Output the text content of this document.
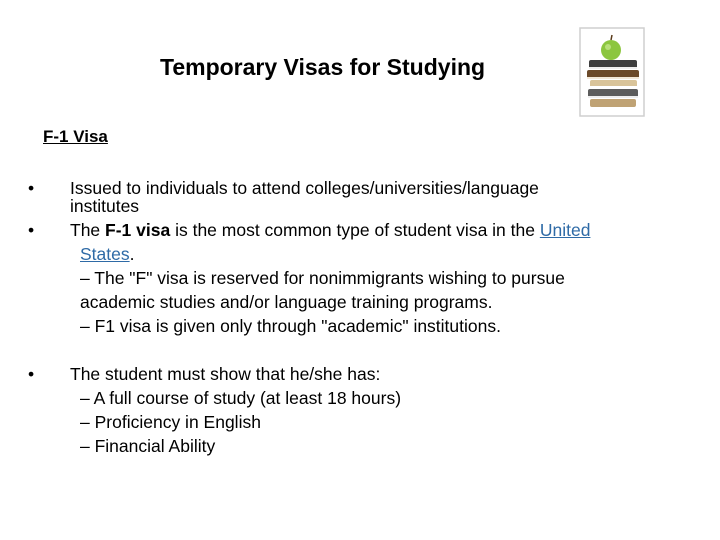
Temporary Visas for Studying
F-1 Visa
• Issued to individuals to attend colleges/universities/language
institutes
• The F-1 visa is the most common type of student visa in the United
States.
– The "F" visa is reserved for nonimmigrants wishing to pursue
academic studies and/or language training programs.
– F1 visa is given only through "academic" institutions.
• The student must show that he/she has:
– A full course of study (at least 18 hours)
– Proficiency in English
– Financial Ability
